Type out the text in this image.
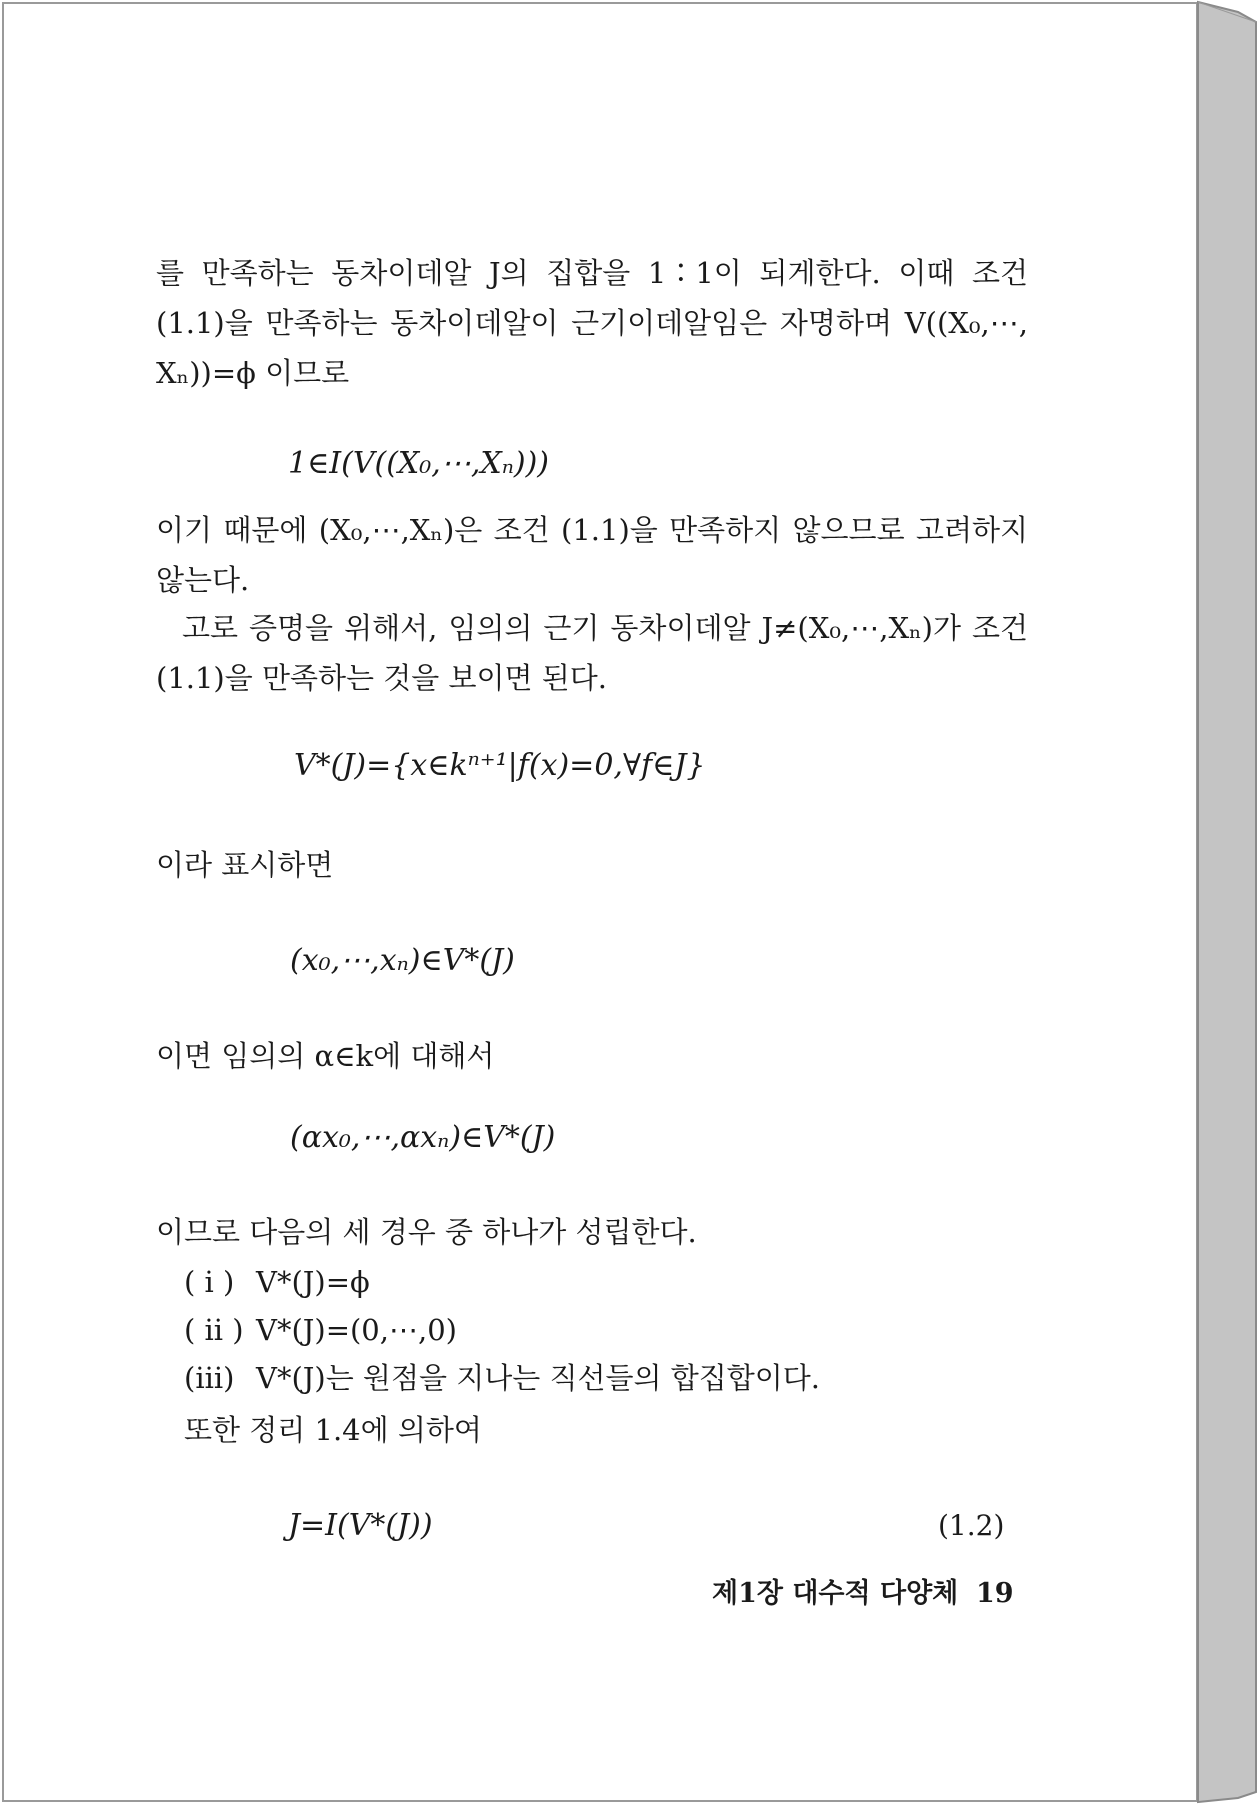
를 만족하는 동차이데알 J의 집합을 1∶1이 되게한다. 이때 조건 (1.1)을 만족하는 동차이데알이 근기이데알임은 자명하며 V((X₀,⋯, Xₙ))=ϕ 이므로
1∈I(V((X₀,⋯,Xₙ)))
이기 때문에 (X₀,⋯,Xₙ)은 조건 (1.1)을 만족하지 않으므로 고려하지 않는다.
고로 증명을 위해서, 임의의 근기 동차이데알 J≠(X₀,⋯,Xₙ)가 조건 (1.1)을 만족하는 것을 보이면 된다.
V*(J)={x∈kⁿ⁺¹|f(x)=0,∀f∈J}
이라 표시하면
(x₀,⋯,xₙ)∈V*(J)
이면 임의의 α∈k에 대해서
(αx₀,⋯,αxₙ)∈V*(J)
이므로 다음의 세 경우 중 하나가 성립한다.
( i ) V*(J)=ϕ
( ii ) V*(J)=(0,⋯,0)
(iii) V*(J)는 원점을 지나는 직선들의 합집합이다.
또한 정리 1.4에 의하여
J=I(V*(J))	(1.2)
제1장 대수적 다양체 19
